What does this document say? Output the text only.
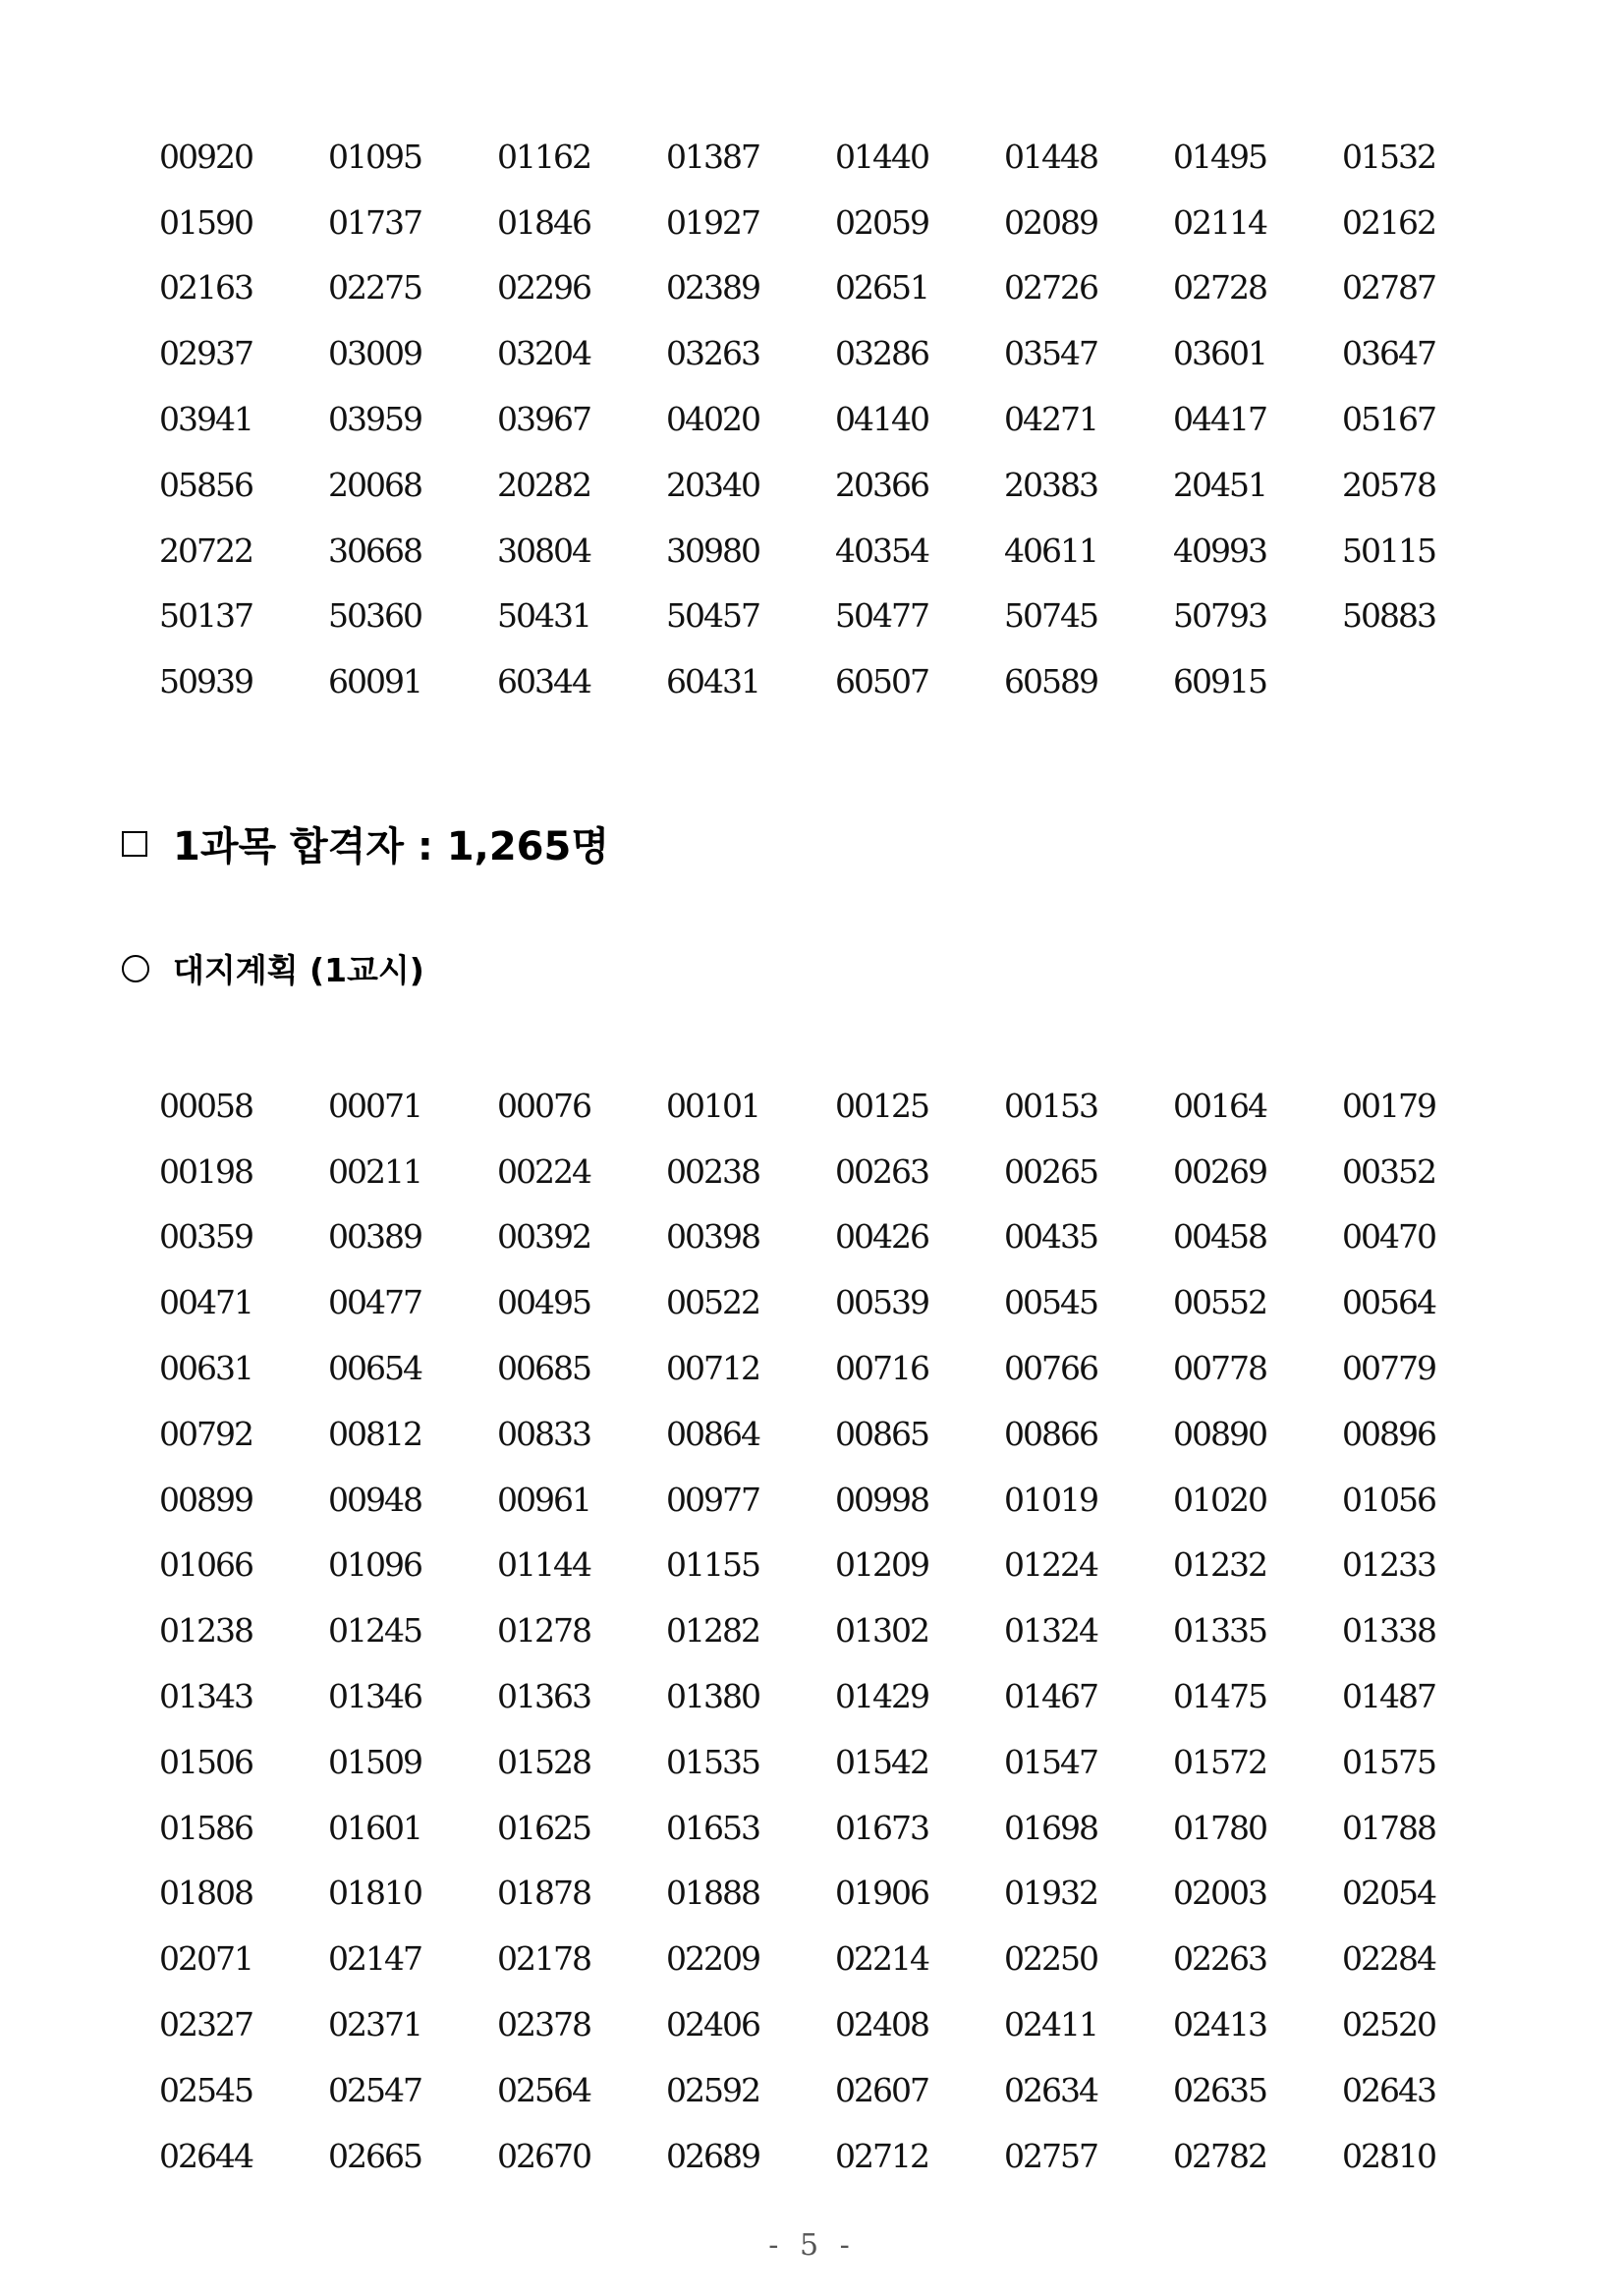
00920	01095	01162	01387	01440	01448	01495	01532
01590	01737	01846	01927	02059	02089	02114	02162
02163	02275	02296	02389	02651	02726	02728	02787
02937	03009	03204	03263	03286	03547	03601	03647
03941	03959	03967	04020	04140	04271	04417	05167
05856	20068	20282	20340	20366	20383	20451	20578
20722	30668	30804	30980	40354	40611	40993	50115
50137	50360	50431	50457	50477	50745	50793	50883
50939	60091	60344	60431	60507	60589	60915
1과목 합격자 : 1,265명
대지계획 (1교시)
00058	00071	00076	00101	00125	00153	00164	00179
00198	00211	00224	00238	00263	00265	00269	00352
00359	00389	00392	00398	00426	00435	00458	00470
00471	00477	00495	00522	00539	00545	00552	00564
00631	00654	00685	00712	00716	00766	00778	00779
00792	00812	00833	00864	00865	00866	00890	00896
00899	00948	00961	00977	00998	01019	01020	01056
01066	01096	01144	01155	01209	01224	01232	01233
01238	01245	01278	01282	01302	01324	01335	01338
01343	01346	01363	01380	01429	01467	01475	01487
01506	01509	01528	01535	01542	01547	01572	01575
01586	01601	01625	01653	01673	01698	01780	01788
01808	01810	01878	01888	01906	01932	02003	02054
02071	02147	02178	02209	02214	02250	02263	02284
02327	02371	02378	02406	02408	02411	02413	02520
02545	02547	02564	02592	02607	02634	02635	02643
02644	02665	02670	02689	02712	02757	02782	02810
- 5 -
